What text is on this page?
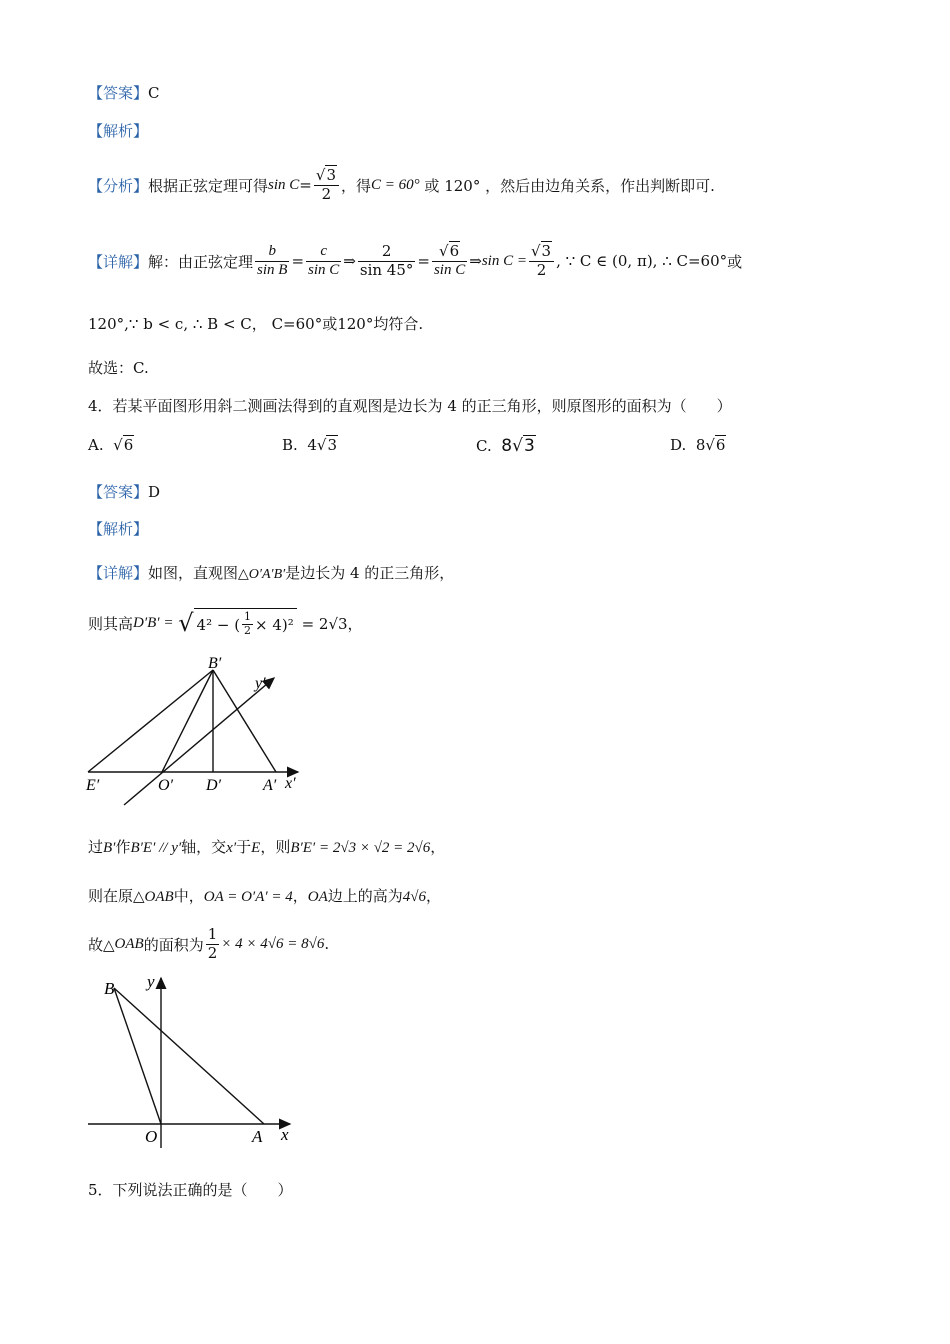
【答案】C
【解析】
【分析】 根据正弦定理可得 $\sin C = \frac{√3}{2}$ ，得 C = 60°
或 120°
，然后由边角关系，作出判断即可.
【详解】 解：由正弦定理 $\frac{b}{\text{sin B}} = \frac{c}{\text{sin C}}$ ⇒ $\frac{2}{\sin 45^\circ} = \frac{√6}{\text{sin C}}$ ⇒ $\sin C = \frac{√3}{2}$ , ∵ C ∈ (0, π), ∴ C=60° 或
120°,∵ b < c, ∴ B < C， C=60°或120°均符合.
故选：C.
4．若某平面图形用斜二测画法得到的直观图是边长为 4 的正三角形，则原图形的面积为（　　）
A. √6	B. 4√3	C. 8√3	D. 8√6
【答案】D
【解析】
【详解】如图，直观图△O′A′B′是边长为 4 的正三角形，
则其高 D′B′ =
√ 4² − ( $\frac{1}{2} \times 4)^2$
= 2√3，
B′
y′
E′	O′ D′	A′ x′
过B′作B′E′ // y′轴，交x′于E，则B′E′ = 2√3 × √2 = 2√6，
则在原△OAB中，OA = O′A′ = 4，OA边上的高为4√6，
故△ OAB 的面积为 $\frac{1}{2} \times 4 \times 4√6 = 8√6$ .
B y
O	A x
5．下列说法正确的是（　　）
